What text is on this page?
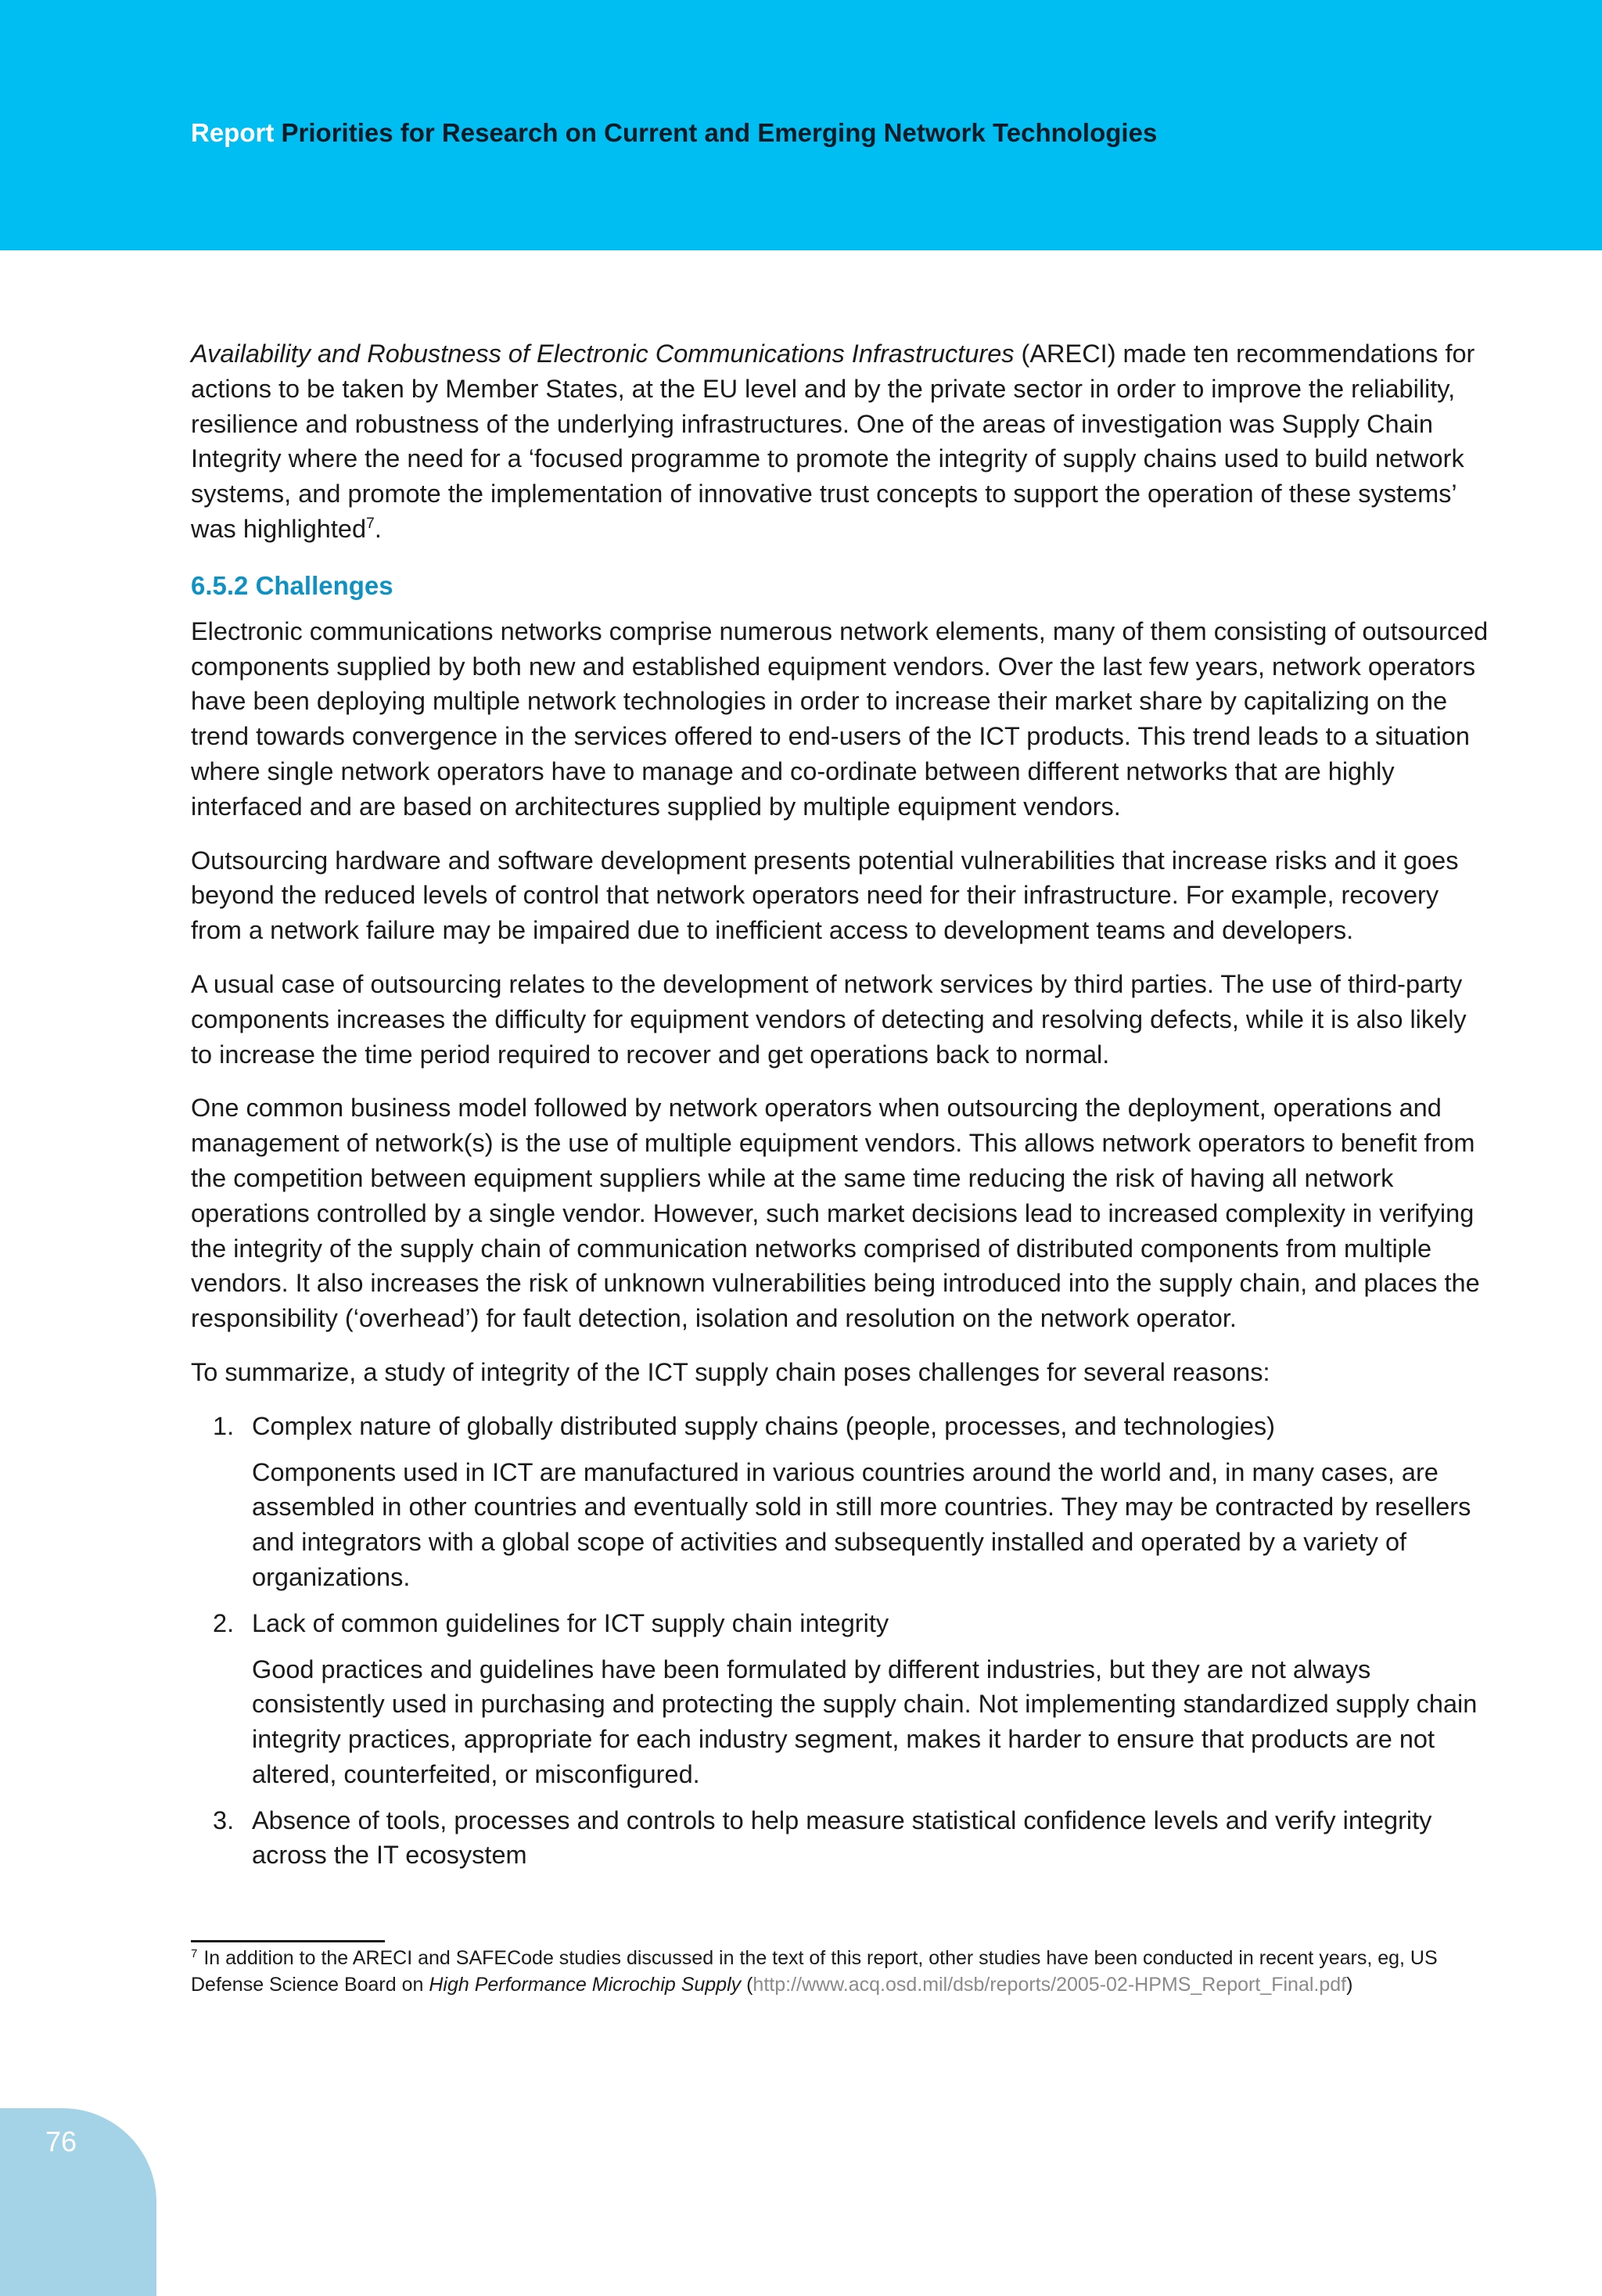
Report Priorities for Research on Current and Emerging Network Technologies

Availability and Robustness of Electronic Communications Infrastructures (ARECI) made ten recommendations for actions to be taken by Member States, at the EU level and by the private sector in order to improve the reliability, resilience and robustness of the underlying infrastructures. One of the areas of investigation was Supply Chain Integrity where the need for a ‘focused programme to promote the integrity of supply chains used to build network systems, and promote the implementation of innovative trust concepts to support the operation of these systems’ was highlighted$^7$.

6.5.2 Challenges

Electronic communications networks comprise numerous network elements, many of them consisting of outsourced components supplied by both new and established equipment vendors. Over the last few years, network operators have been deploying multiple network technologies in order to increase their market share by capitalizing on the trend towards convergence in the services offered to end-users of the ICT products. This trend leads to a situation where single network operators have to manage and co-ordinate between different networks that are highly interfaced and are based on architectures supplied by multiple equipment vendors.

Outsourcing hardware and software development presents potential vulnerabilities that increase risks and it goes beyond the reduced levels of control that network operators need for their infrastructure. For example, recovery from a network failure may be impaired due to inefficient access to development teams and developers.

A usual case of outsourcing relates to the development of network services by third parties. The use of third-party components increases the difficulty for equipment vendors of detecting and resolving defects, while it is also likely to increase the time period required to recover and get operations back to normal.

One common business model followed by network operators when outsourcing the deployment, operations and management of network(s) is the use of multiple equipment vendors. This allows network operators to benefit from the competition between equipment suppliers while at the same time reducing the risk of having all network operations controlled by a single vendor. However, such market decisions lead to increased complexity in verifying the integrity of the supply chain of communication networks comprised of distributed components from multiple vendors. It also increases the risk of unknown vulnerabilities being introduced into the supply chain, and places the responsibility (‘overhead’) for fault detection, isolation and resolution on the network operator.

To summarize, a study of integrity of the ICT supply chain poses challenges for several reasons:

1. Complex nature of globally distributed supply chains (people, processes, and technologies)

Components used in ICT are manufactured in various countries around the world and, in many cases, are assembled in other countries and eventually sold in still more countries. They may be contracted by resellers and integrators with a global scope of activities and subsequently installed and operated by a variety of organizations.

2. Lack of common guidelines for ICT supply chain integrity

Good practices and guidelines have been formulated by different industries, but they are not always consistently used in purchasing and protecting the supply chain. Not implementing standardized supply chain integrity practices, appropriate for each industry segment, makes it harder to ensure that products are not altered, counterfeited, or misconfigured.

3. Absence of tools, processes and controls to help measure statistical confidence levels and verify integrity across the IT ecosystem

$^7$ In addition to the ARECI and SAFECode studies discussed in the text of this report, other studies have been conducted in recent years, eg, US Defense Science Board on High Performance Microchip Supply (http://www.acq.osd.mil/dsb/reports/2005-02-HPMS_Report_Final.pdf)
76
